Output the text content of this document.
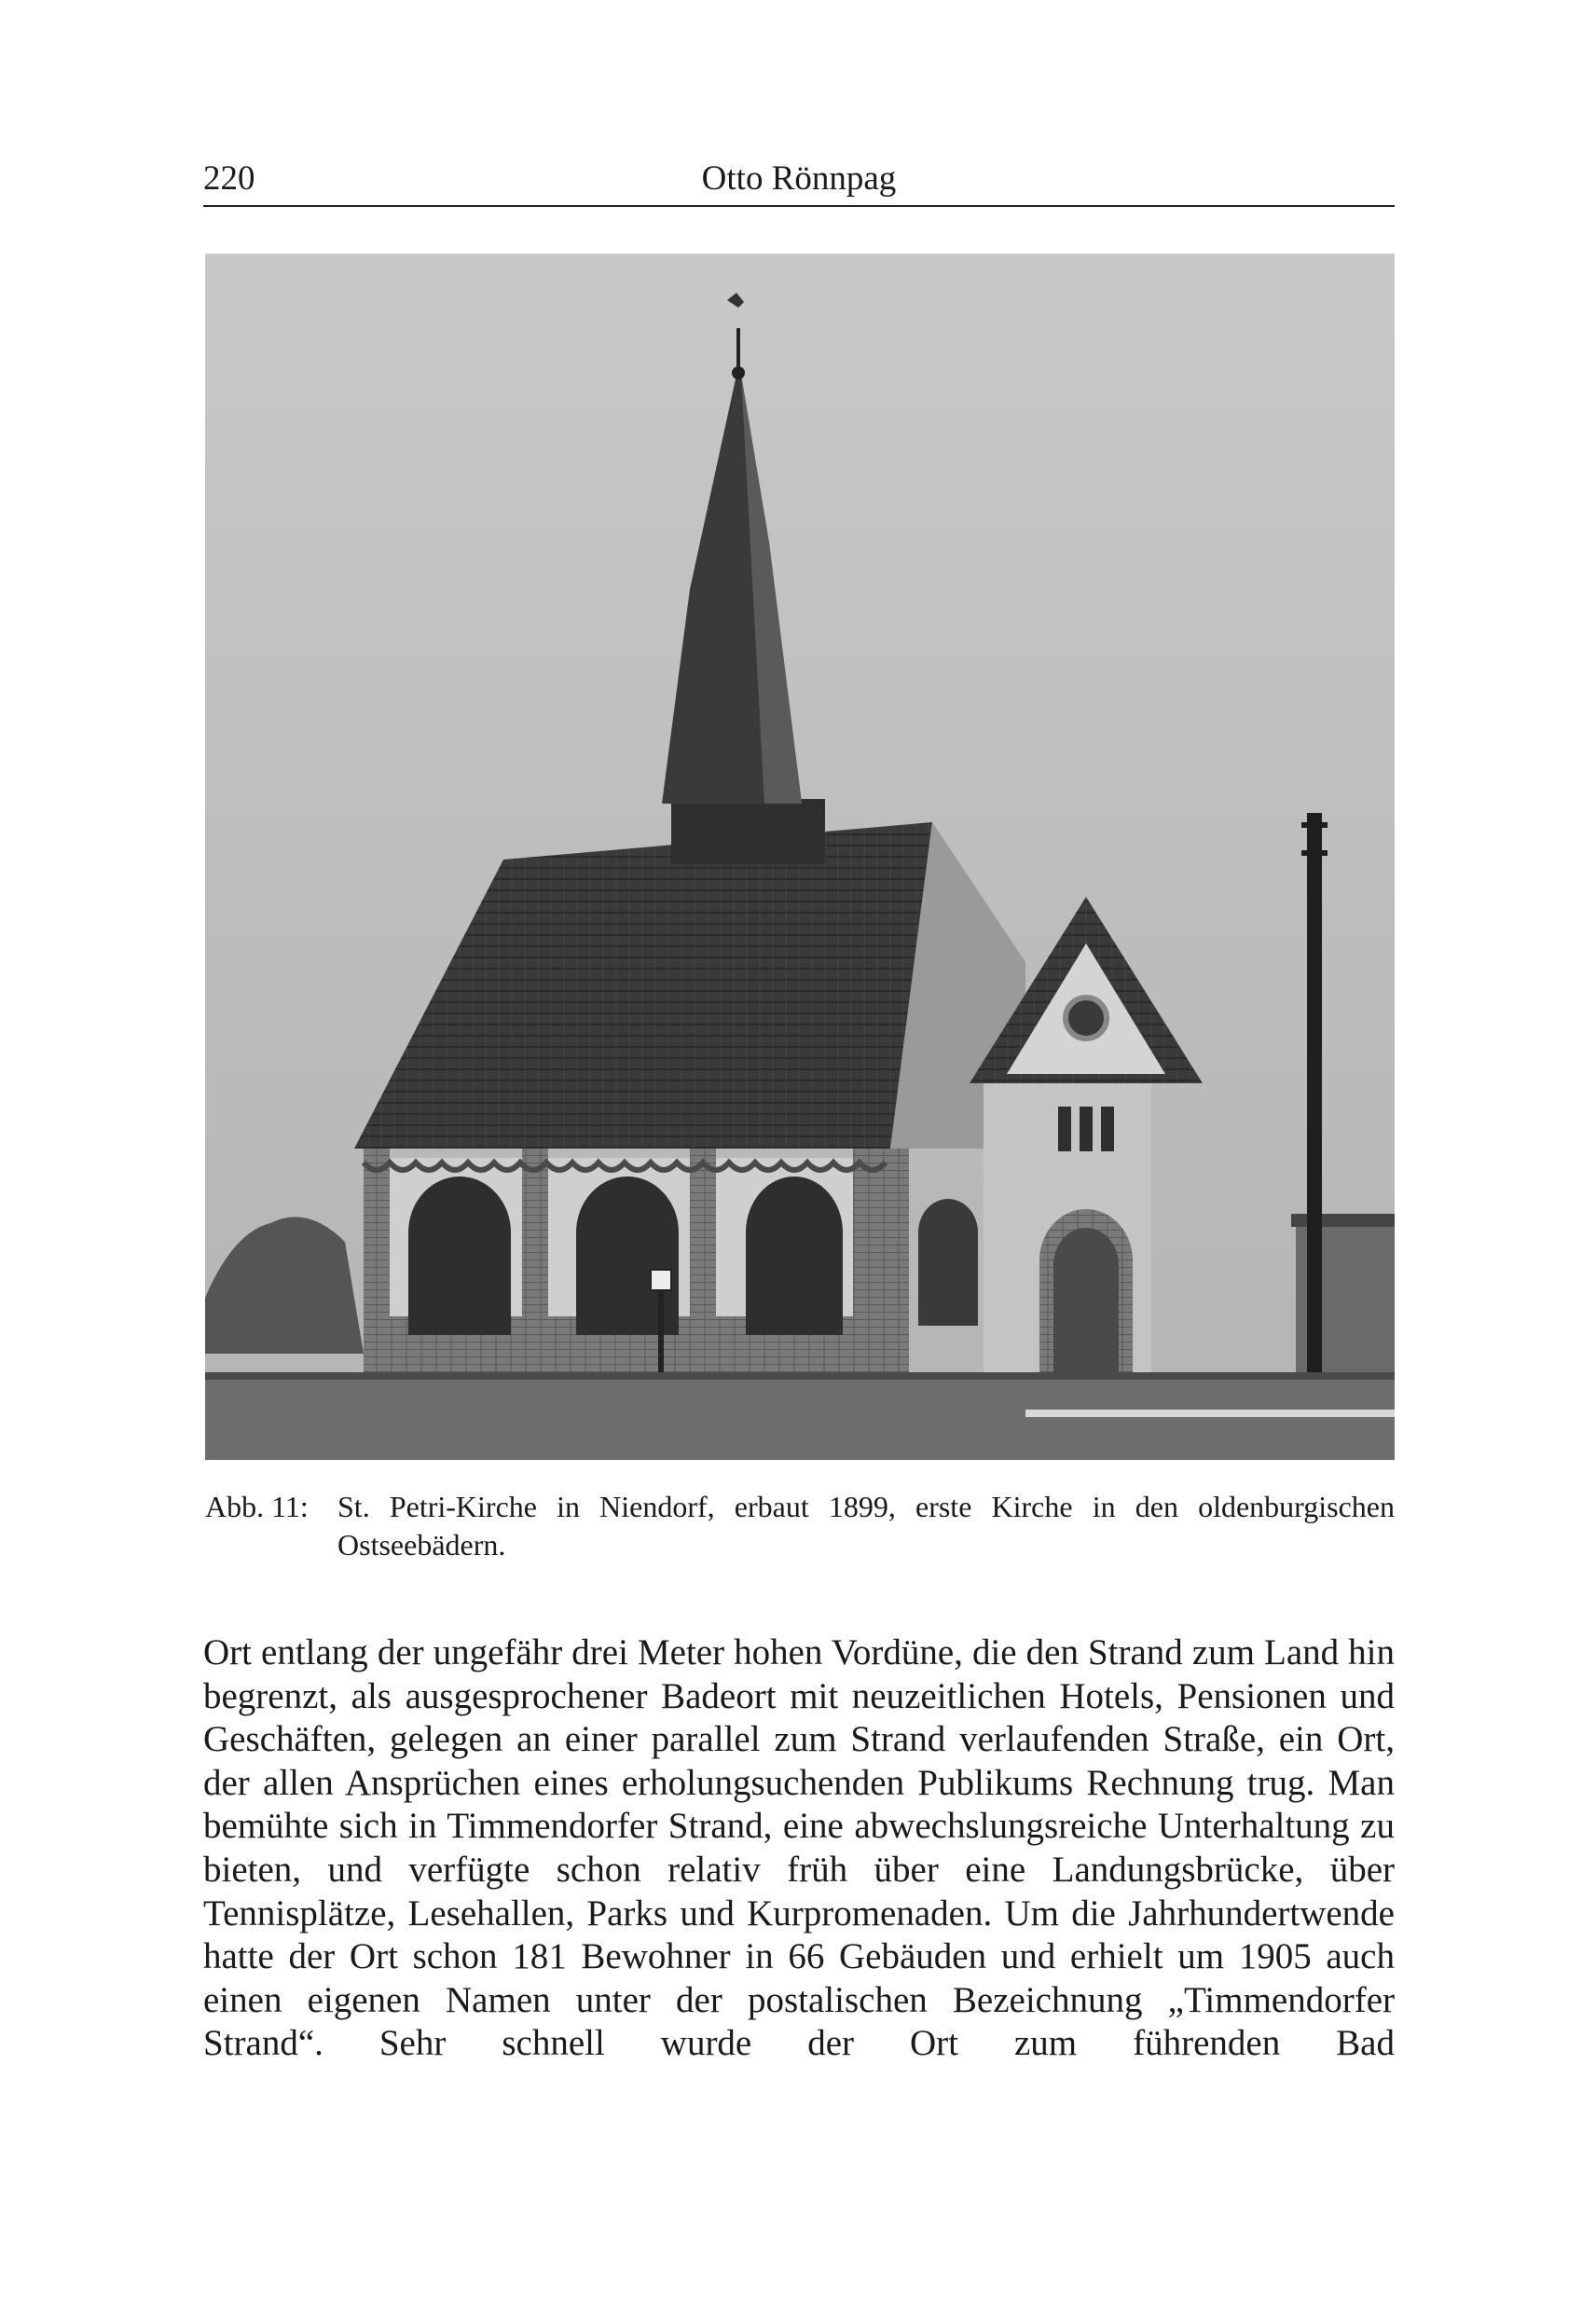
220	Otto Rönnpag
Abb. 11: St. Petri-Kirche in Niendorf, erbaut 1899, erste Kirche in den oldenburgischen Ostseebädern.
Ort entlang der ungefähr drei Meter hohen Vordüne, die den Strand zum Land hin begrenzt, als ausgesprochener Badeort mit neuzeitlichen Hotels, Pensionen und Geschäften, gelegen an einer parallel zum Strand verlaufenden Straße, ein Ort, der allen Ansprüchen eines erholungsuchenden Publikums Rechnung trug. Man bemühte sich in Timmendorfer Strand, eine abwechslungsreiche Unterhaltung zu bieten, und verfügte schon relativ früh über eine Landungsbrücke, über Tennisplätze, Lesehallen, Parks und Kurpromenaden. Um die Jahrhundertwende hatte der Ort schon 181 Bewohner in 66 Gebäuden und erhielt um 1905 auch einen eigenen Namen unter der postalischen Bezeichnung „Timmendorfer Strand“. Sehr schnell wurde der Ort zum führenden Bad
